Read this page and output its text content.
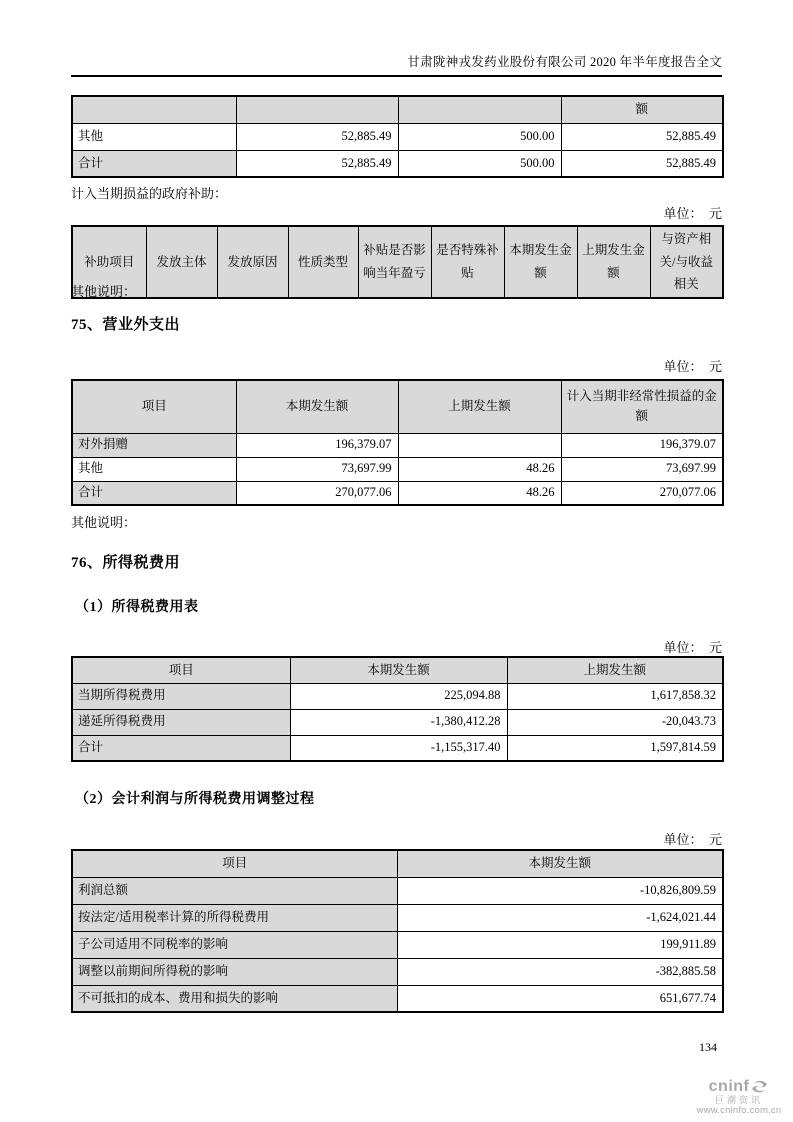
甘肃陇神戎发药业股份有限公司 2020 年半年度报告全文
			额
其他	52,885.49	500.00	52,885.49
合计	52,885.49	500.00	52,885.49
计入当期损益的政府补助：
单位：　元
补助项目	发放主体	发放原因	性质类型	补贴是否影响当年盈亏	是否特殊补贴	本期发生金额	上期发生金额	与资产相关/与收益相关
其他说明：
75、营业外支出
单位：　元
项目	本期发生额	上期发生额	计入当期非经常性损益的金额
对外捐赠	196,379.07		196,379.07
其他	73,697.99	48.26	73,697.99
合计	270,077.06	48.26	270,077.06
其他说明：
76、所得税费用
（1）所得税费用表
单位：　元
项目	本期发生额	上期发生额
当期所得税费用	225,094.88	1,617,858.32
递延所得税费用	-1,380,412.28	-20,043.73
合计	-1,155,317.40	1,597,814.59
（2）会计利润与所得税费用调整过程
单位：　元
项目	本期发生额
利润总额	-10,826,809.59
按法定/适用税率计算的所得税费用	-1,624,021.44
子公司适用不同税率的影响	199,911.89
调整以前期间所得税的影响	-382,885.58
不可抵扣的成本、费用和损失的影响	651,677.74
134
cninf
巨潮资讯
www.cninfo.com.cn
